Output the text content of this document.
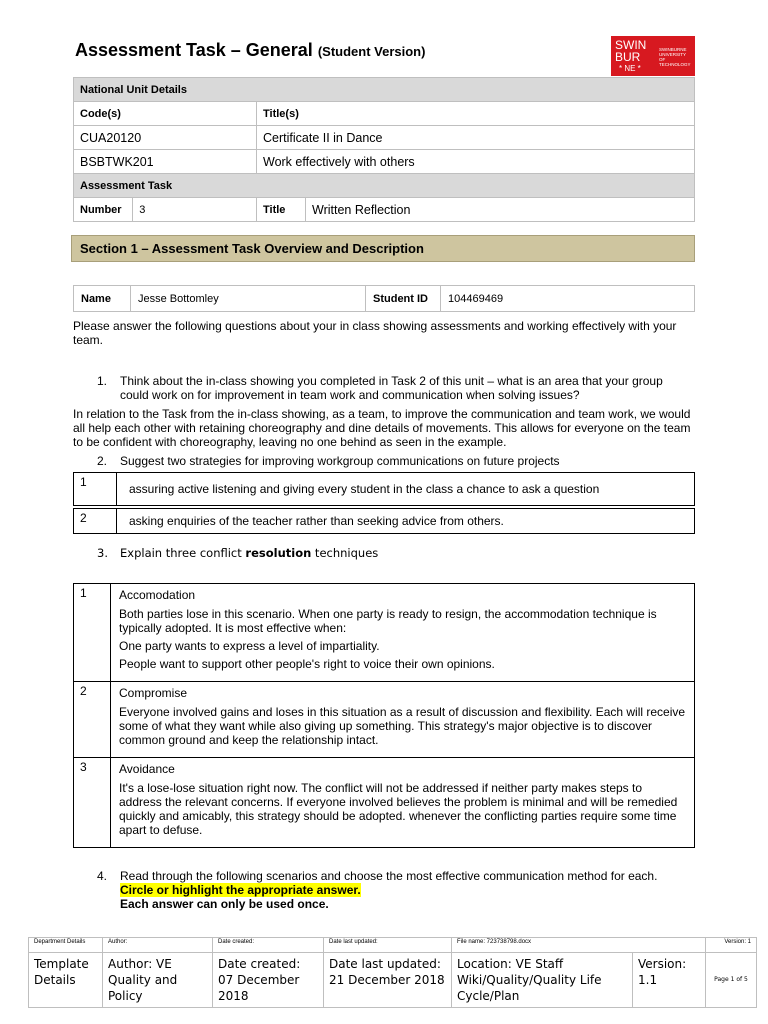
Assessment Task – General (Student Version)	SWIN
BUR
* NE *
SWINBURNE UNIVERSITY OF TECHNOLOGY
National Unit Details			
Code(s)		Title(s)	
CUA20120		Certificate II in Dance	
BSBTWK201		Work effectively with others	
Assessment Task			
Number	3	Title	Written Reflection
Section 1 – Assessment Task Overview and Description
Name	Jesse Bottomley	Student ID	104469469
Please answer the following questions about your in class showing assessments and working effectively with your team.
1. Think about the in-class showing you completed in Task 2 of this unit – what is an area that your group could work on for improvement in team work and communication when solving issues?
In relation to the Task from the in-class showing, as a team, to improve the communication and team work, we would all help each other with retaining choreography and dine details of movements. This allows for everyone on the team to be confident with choreography, leaving no one behind as seen in the example.
2. Suggest two strategies for improving workgroup communications on future projects
1	assuring active listening and giving every student in the class a chance to ask a question

2	asking enquiries of the teacher rather than seeking advice from others.
3. Explain three conflict resolution techniques
1	Accomodation

Both parties lose in this scenario. When one party is ready to resign, the accommodation technique is typically adopted. It is most effective when:

One party wants to express a level of impartiality.

People want to support other people's right to voice their own opinions.

2	Compromise

Everyone involved gains and loses in this situation as a result of discussion and flexibility. Each will receive some of what they want while also giving up something. This strategy's major objective is to discover common ground and keep the relationship intact.

3	Avoidance

It's a lose-lose situation right now. The conflict will not be addressed if neither party makes steps to address the relevant concerns. If everyone involved believes the problem is minimal and will be remedied quickly and amicably, this strategy should be adopted. whenever the conflicting parties require some time apart to defuse.

4. Read through the following scenarios and choose the most effective communication method for each. Circle or highlight the appropriate answer.
Each answer can only be used once.
Department Details	Author:	Date created:	Date last updated:	File name: 723738798.docx		Version: 1
Template Details	Author: VE Quality and Policy	Date created: 07 December 2018	Date last updated: 21 December 2018	Location: VE Staff Wiki/Quality/Quality Life Cycle/Plan	Version: 1.1	Page 1 of 5
